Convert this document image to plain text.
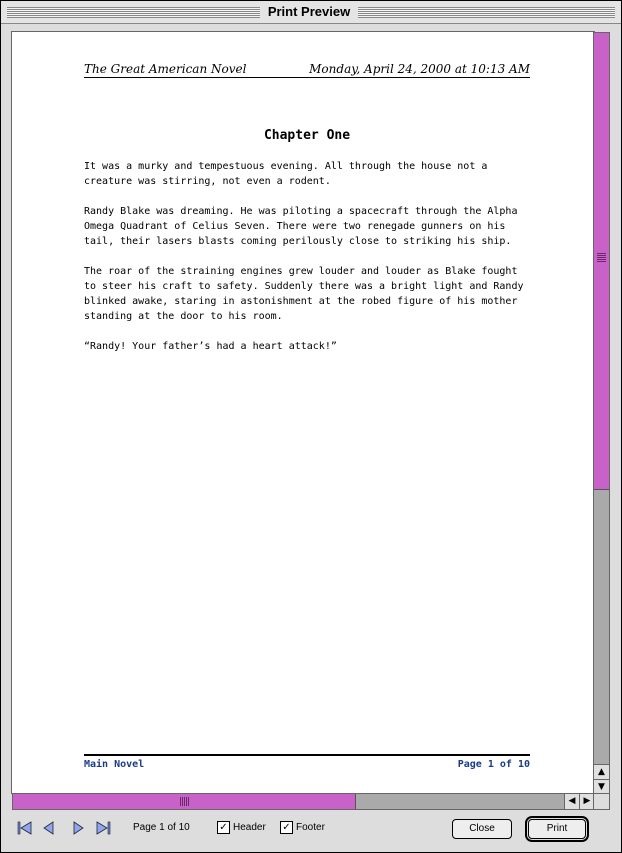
Print Preview
The Great American Novel	Monday, April 24, 2000 at 10:13 AM
Chapter One
It was a murky and tempestuous evening. All through the house not a
creature was stirring, not even a rodent.
Randy Blake was dreaming. He was piloting a spacecraft through the Alpha
Omega Quadrant of Celius Seven. There were two renegade gunners on his
tail, their lasers blasts coming perilously close to striking his ship.
The roar of the straining engines grew louder and louder as Blake fought
to steer his craft to safety. Suddenly there was a bright light and Randy
blinked awake, staring in astonishment at the robed figure of his mother
standing at the door to his room.
“Randy! Your father’s had a heart attack!”
Main Novel	Page 1 of 10
▲
▼
◀ ▶
Page 1 of 10	✓ Header ✓ Footer	Close	Print
